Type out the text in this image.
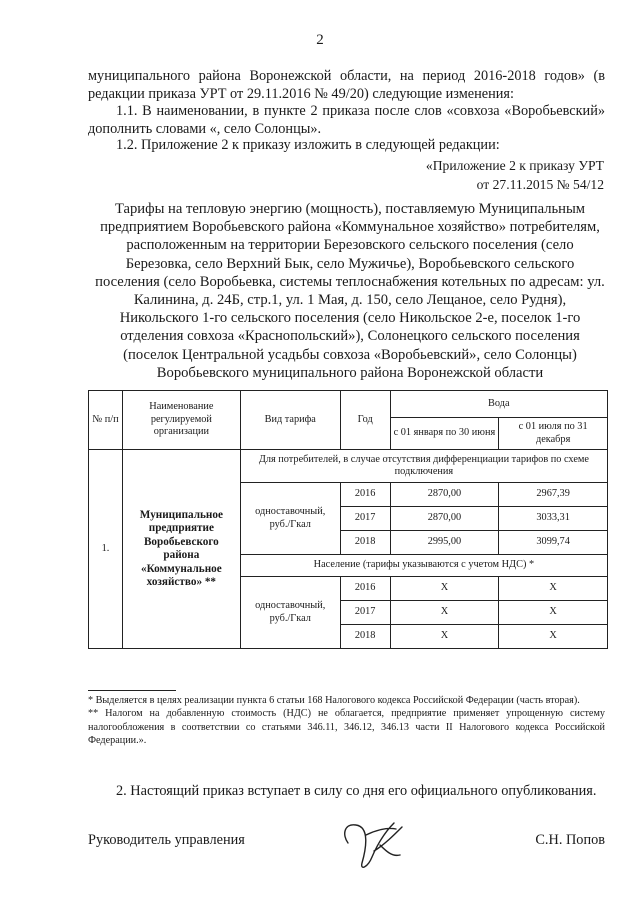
2
муниципального района Воронежской области, на период 2016-2018 годов» (в редакции приказа УРТ от 29.11.2016 № 49/20) следующие изменения:
1.1. В наименовании, в пункте 2 приказа после слов «совхоза «Воробьевский» дополнить словами «, село Солонцы».
1.2. Приложение 2 к приказу изложить в следующей редакции:
«Приложение 2 к приказу УРТ
от 27.11.2015 № 54/12
Тарифы на тепловую энергию (мощность), поставляемую Муниципальным предприятием Воробьевского района «Коммунальное хозяйство» потребителям, расположенным на территории Березовского сельского поселения (село Березовка, село Верхний Бык, село Мужичье), Воробьевского сельского поселения (село Воробьевка, системы теплоснабжения котельных по адресам: ул. Калинина, д. 24Б, стр.1, ул. 1 Мая, д. 150, село Лещаное, село Рудня), Никольского 1-го сельского поселения (село Никольское 2-е, поселок 1-го отделения совхоза «Краснопольский»), Солонецкого сельского поселения (поселок Центральной усадьбы совхоза «Воробьевский», село Солонцы) Воробьевского муниципального района Воронежской области
№ п/п	Наименование регулируемой организации	Вид тарифа	Год	Вода	
				с 01 января по 30 июня	с 01 июля по 31 декабря
1.	Муниципальное предприятие Воробьевского района «Коммунальное хозяйство» **	Для потребителей, в случае отсутствия дифференциации тарифов по схеме подключения			
		одноставочный, руб./Гкал	2016	2870,00	2967,39
			2017	2870,00	3033,31
			2018	2995,00	3099,74
		Население (тарифы указываются с учетом НДС) *			
		одноставочный, руб./Гкал	2016	Х	Х
			2017	Х	Х
			2018	Х	Х
* Выделяется в целях реализации пункта 6 статьи 168 Налогового кодекса Российской Федерации (часть вторая).
** Налогом на добавленную стоимость (НДС) не облагается, предприятие применяет упрощенную систему налогообложения в соответствии со статьями 346.11, 346.12, 346.13 части II Налогового кодекса Российской Федерации.».
2. Настоящий приказ вступает в силу со дня его официального опубликования.
Руководитель управления	С.Н. Попов
